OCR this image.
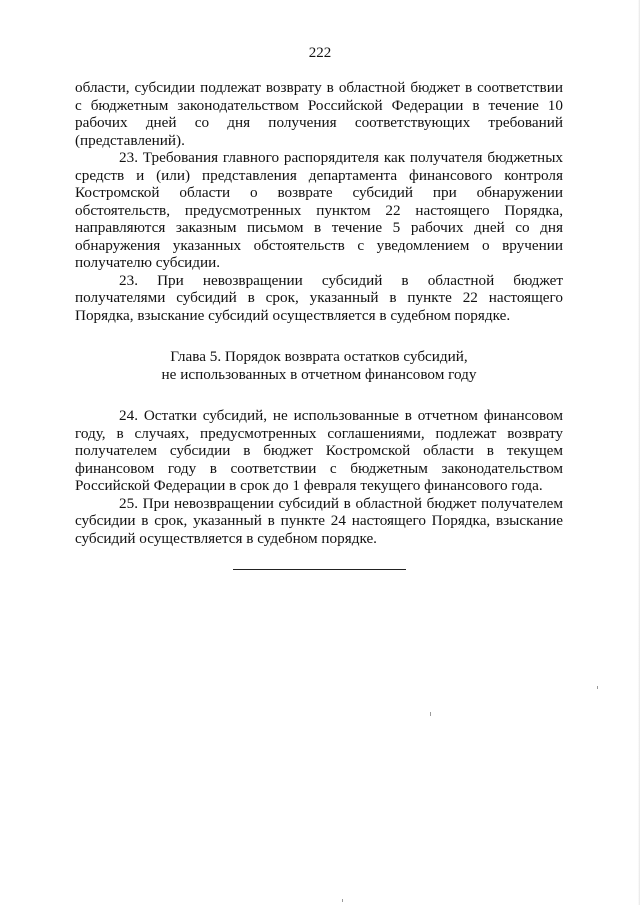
222

области, субсидии подлежат возврату в областной бюджет в соответствии с бюджетным законодательством Российской Федерации в течение 10 рабочих дней со дня получения соответствующих требований (представлений).

23. Требования главного распорядителя как получателя бюджетных средств и (или) представления департамента финансового контроля Костромской области о возврате субсидий при обнаружении обстоятельств, предусмотренных пунктом 22 настоящего Порядка, направляются заказным письмом в течение 5 рабочих дней со дня обнаружения указанных обстоятельств с уведомлением о вручении получателю субсидии.

23. При невозвращении субсидий в областной бюджет получателями субсидий в срок, указанный в пункте 22 настоящего Порядка, взыскание субсидий осуществляется в судебном порядке.

Глава 5. Порядок возврата остатков субсидий,
не использованных в отчетном финансовом году

24. Остатки субсидий, не использованные в отчетном финансовом году, в случаях, предусмотренных соглашениями, подлежат возврату получателем субсидии в бюджет Костромской области в текущем финансовом году в соответствии с бюджетным законодательством Российской Федерации в срок до 1 февраля текущего финансового года.

25. При невозвращении субсидий в областной бюджет получателем субсидии в срок, указанный в пункте 24 настоящего Порядка, взыскание субсидий осуществляется в судебном порядке.
